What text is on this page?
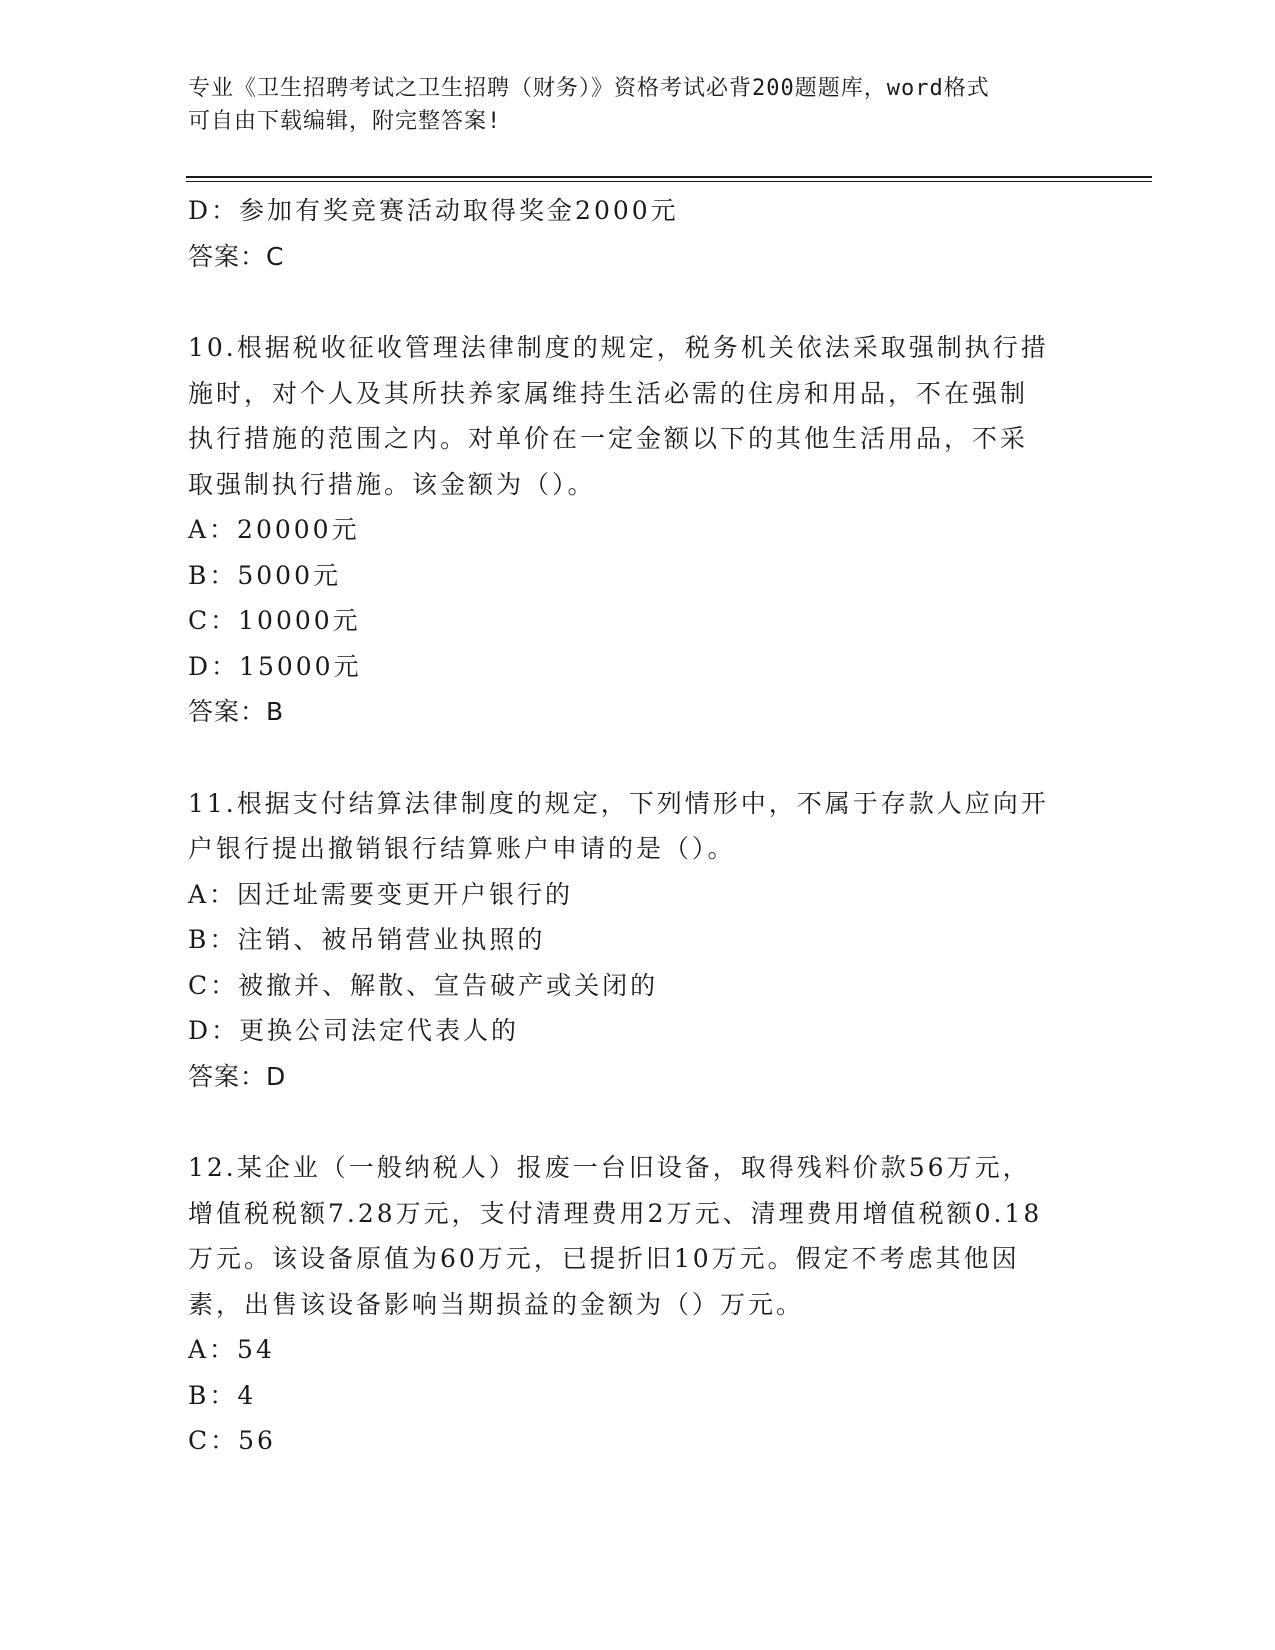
专业《卫生招聘考试之卫生招聘（财务）》资格考试必背200题题库，word格式
可自由下载编辑，附完整答案!
D：参加有奖竞赛活动取得奖金2000元
答案：C
10.根据税收征收管理法律制度的规定，税务机关依法采取强制执行措
施时，对个人及其所扶养家属维持生活必需的住房和用品，不在强制
执行措施的范围之内。对单价在一定金额以下的其他生活用品，不采
取强制执行措施。该金额为（）。
A：20000元
B：5000元
C：10000元
D：15000元
答案：B
11.根据支付结算法律制度的规定，下列情形中，不属于存款人应向开
户银行提出撤销银行结算账户申请的是（）。
A：因迁址需要变更开户银行的
B：注销、被吊销营业执照的
C：被撤并、解散、宣告破产或关闭的
D：更换公司法定代表人的
答案：D
12.某企业（一般纳税人）报废一台旧设备，取得残料价款56万元，
增值税税额7.28万元，支付清理费用2万元、清理费用增值税额0.18
万元。该设备原值为60万元，已提折旧10万元。假定不考虑其他因
素，出售该设备影响当期损益的金额为（）万元。
A：54
B：4
C：56
